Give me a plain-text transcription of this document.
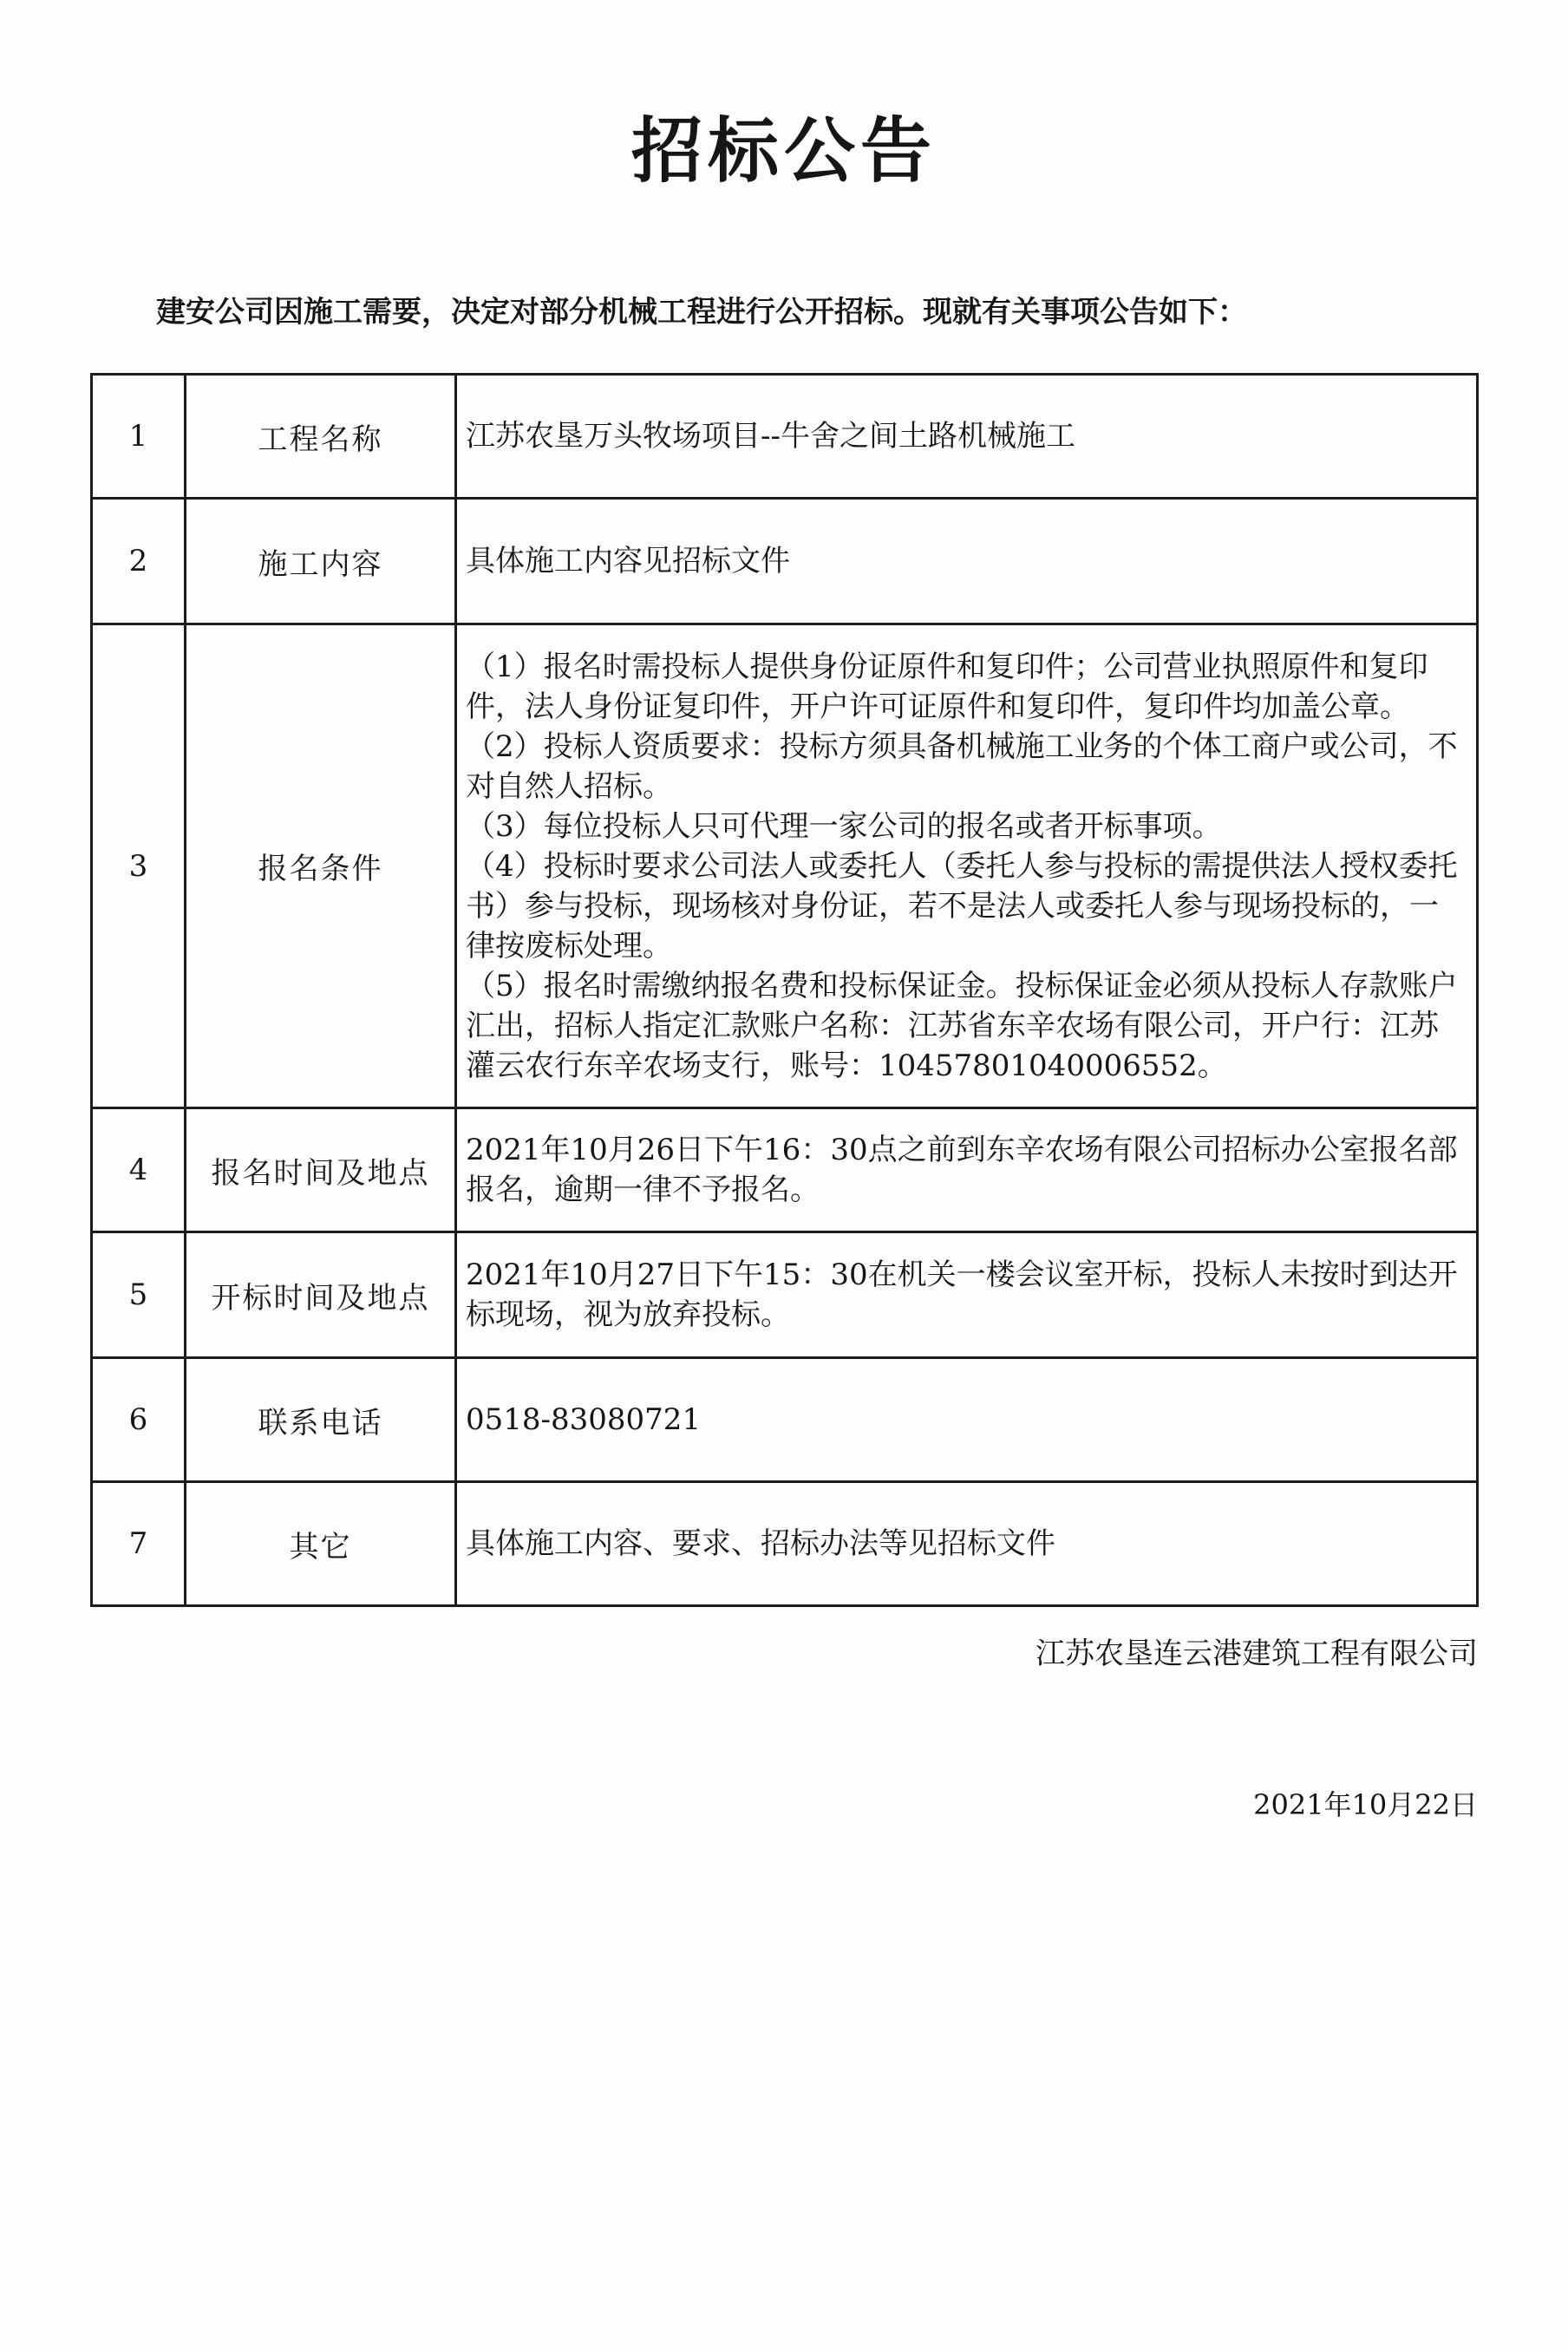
招标公告
建安公司因施工需要，决定对部分机械工程进行公开招标。现就有关事项公告如下：
1	工程名称	江苏农垦万头牧场项目--牛舍之间土路机械施工
2	施工内容	具体施工内容见招标文件
3	报名条件	（1）报名时需投标人提供身份证原件和复印件；公司营业执照原件和复印件，法人身份证复印件，开户许可证原件和复印件，复印件均加盖公章。
（2）投标人资质要求：投标方须具备机械施工业务的个体工商户或公司，不对自然人招标。
（3）每位投标人只可代理一家公司的报名或者开标事项。
（4）投标时要求公司法人或委托人（委托人参与投标的需提供法人授权委托书）参与投标，现场核对身份证，若不是法人或委托人参与现场投标的，一律按废标处理。
（5）报名时需缴纳报名费和投标保证金。投标保证金必须从投标人存款账户汇出，招标人指定汇款账户名称：江苏省东辛农场有限公司，开户行：江苏灌云农行东辛农场支行，账号：10457801040006552。

4	报名时间及地点	2021年10月26日下午16：30点之前到东辛农场有限公司招标办公室报名部报名，逾期一律不予报名。
5	开标时间及地点	2021年10月27日下午15：30在机关一楼会议室开标，投标人未按时到达开标现场，视为放弃投标。
6	联系电话	0518-83080721
7	其它	具体施工内容、要求、招标办法等见招标文件
江苏农垦连云港建筑工程有限公司
2021年10月22日
